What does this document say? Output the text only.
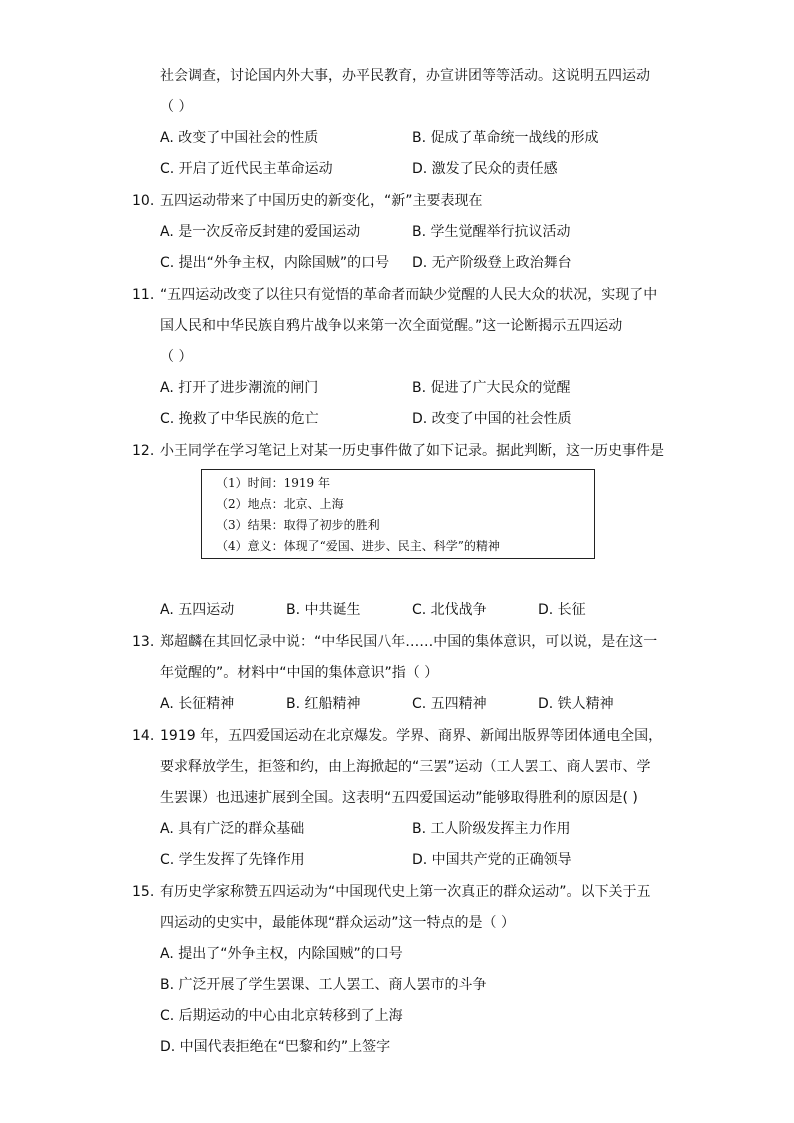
社会调查，讨论国内外大事，办平民教育，办宣讲团等等活动。这说明五四运动
（ ）
A. 改变了中国社会的性质	B. 促成了革命统一战线的形成
C. 开启了近代民主革命运动	D. 激发了民众的责任感
10. 五四运动带来了中国历史的新变化，“新”主要表现在
A. 是一次反帝反封建的爱国运动	B. 学生觉醒举行抗议活动
C. 提出“外争主权，内除国贼”的口号 D. 无产阶级登上政治舞台
11. “五四运动改变了以往只有觉悟的革命者而缺少觉醒的人民大众的状况，实现了中
国人民和中华民族自鸦片战争以来第一次全面觉醒。”这一论断揭示五四运动
（ ）
A. 打开了进步潮流的闸门	B. 促进了广大民众的觉醒
C. 挽救了中华民族的危亡	D. 改变了中国的社会性质
12. 小王同学在学习笔记上对某一历史事件做了如下记录。据此判断，这一历史事件是
（1）时间：1919 年
（2）地点：北京、上海
（3）结果：取得了初步的胜利
（4）意义：体现了“爱国、进步、民主、科学”的精神
A. 五四运动	B. 中共诞生	C. 北伐战争	D. 长征
13. 郑超麟在其回忆录中说：“中华民国八年……中国的集体意识，可以说，是在这一
年觉醒的”。材料中“中国的集体意识”指（ ）
A. 长征精神	B. 红船精神	C. 五四精神	D. 铁人精神
14. 1919 年，五四爱国运动在北京爆发。学界、商界、新闻出版界等团体通电全国，
要求释放学生，拒签和约，由上海掀起的“三罢”运动（工人罢工、商人罢市、学
生罢课）也迅速扩展到全国。这表明“五四爱国运动”能够取得胜利的原因是( )
A. 具有广泛的群众基础	B. 工人阶级发挥主力作用
C. 学生发挥了先锋作用	D. 中国共产党的正确领导
15. 有历史学家称赞五四运动为“中国现代史上第一次真正的群众运动”。以下关于五
四运动的史实中，最能体现“群众运动”这一特点的是（ ）
A. 提出了“外争主权，内除国贼”的口号
B. 广泛开展了学生罢课、工人罢工、商人罢市的斗争
C. 后期运动的中心由北京转移到了上海
D. 中国代表拒绝在“巴黎和约”上签字
